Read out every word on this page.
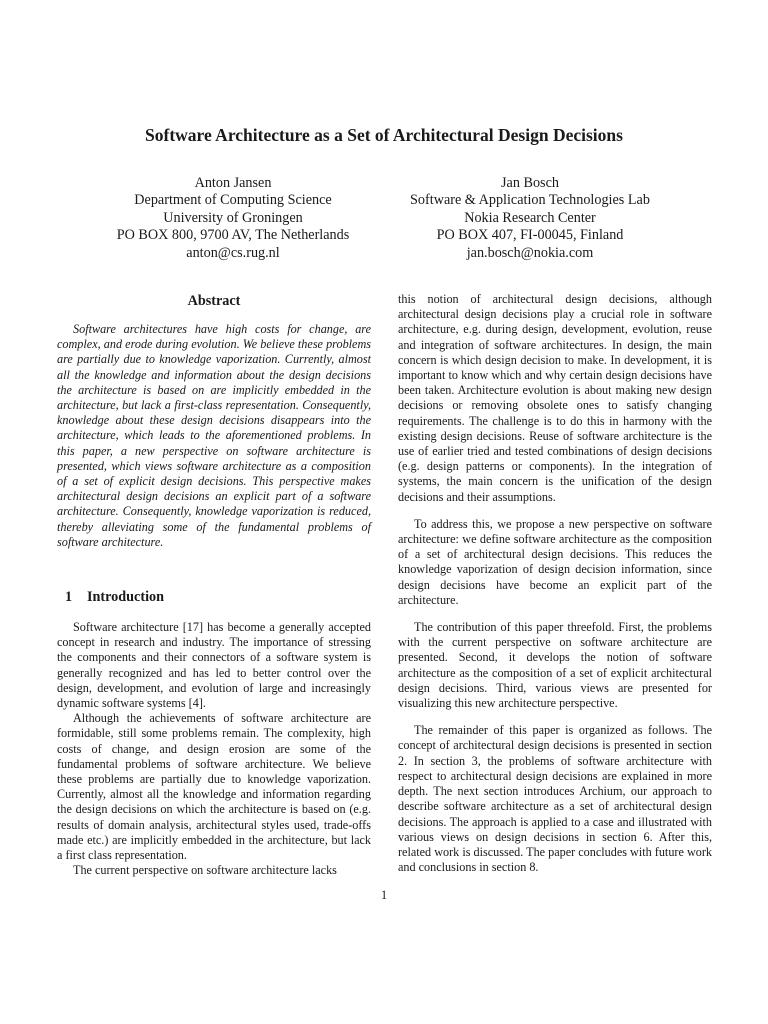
Software Architecture as a Set of Architectural Design Decisions
Anton Jansen
Department of Computing Science
University of Groningen
PO BOX 800, 9700 AV, The Netherlands
anton@cs.rug.nl
Jan Bosch
Software & Application Technologies Lab
Nokia Research Center
PO BOX 407, FI-00045, Finland
jan.bosch@nokia.com
Abstract

Software architectures have high costs for change, are complex, and erode during evolution. We believe these problems are partially due to knowledge vaporization. Currently, almost all the knowledge and information about the design decisions the architecture is based on are implicitly embedded in the architecture, but lack a first-class representation. Consequently, knowledge about these design decisions disappears into the architecture, which leads to the aforementioned problems. In this paper, a new perspective on software architecture is presented, which views software architecture as a composition of a set of explicit design decisions. This perspective makes architectural design decisions an explicit part of a software architecture. Consequently, knowledge vaporization is reduced, thereby alleviating some of the fundamental problems of software architecture.

1 Introduction

Software architecture [17] has become a generally accepted concept in research and industry. The importance of stressing the components and their connectors of a software system is generally recognized and has led to better control over the design, development, and evolution of large and increasingly dynamic software systems [4].

Although the achievements of software architecture are formidable, still some problems remain. The complexity, high costs of change, and design erosion are some of the fundamental problems of software architecture. We believe these problems are partially due to knowledge vaporization. Currently, almost all the knowledge and information regarding the design decisions on which the architecture is based on (e.g. results of domain analysis, architectural styles used, trade-offs made etc.) are implicitly embedded in the architecture, but lack a first class representation.

The current perspective on software architecture lacks

this notion of architectural design decisions, although architectural design decisions play a crucial role in software architecture, e.g. during design, development, evolution, reuse and integration of software architectures. In design, the main concern is which design decision to make. In development, it is important to know which and why certain design decisions have been taken. Architecture evolution is about making new design decisions or removing obsolete ones to satisfy changing requirements. The challenge is to do this in harmony with the existing design decisions. Reuse of software architecture is the use of earlier tried and tested combinations of design decisions (e.g. design patterns or components). In the integration of systems, the main concern is the unification of the design decisions and their assumptions.

To address this, we propose a new perspective on software architecture: we define software architecture as the composition of a set of architectural design decisions. This reduces the knowledge vaporization of design decision information, since design decisions have become an explicit part of the architecture.

The contribution of this paper threefold. First, the problems with the current perspective on software architecture are presented. Second, it develops the notion of software architecture as the composition of a set of explicit architectural design decisions. Third, various views are presented for visualizing this new architecture perspective.

The remainder of this paper is organized as follows. The concept of architectural design decisions is presented in section 2. In section 3, the problems of software architecture with respect to architectural design decisions are explained in more depth. The next section introduces Archium, our approach to describe software architecture as a set of architectural design decisions. The approach is applied to a case and illustrated with various views on design decisions in section 6. After this, related work is discussed. The paper concludes with future work and conclusions in section 8.

1
